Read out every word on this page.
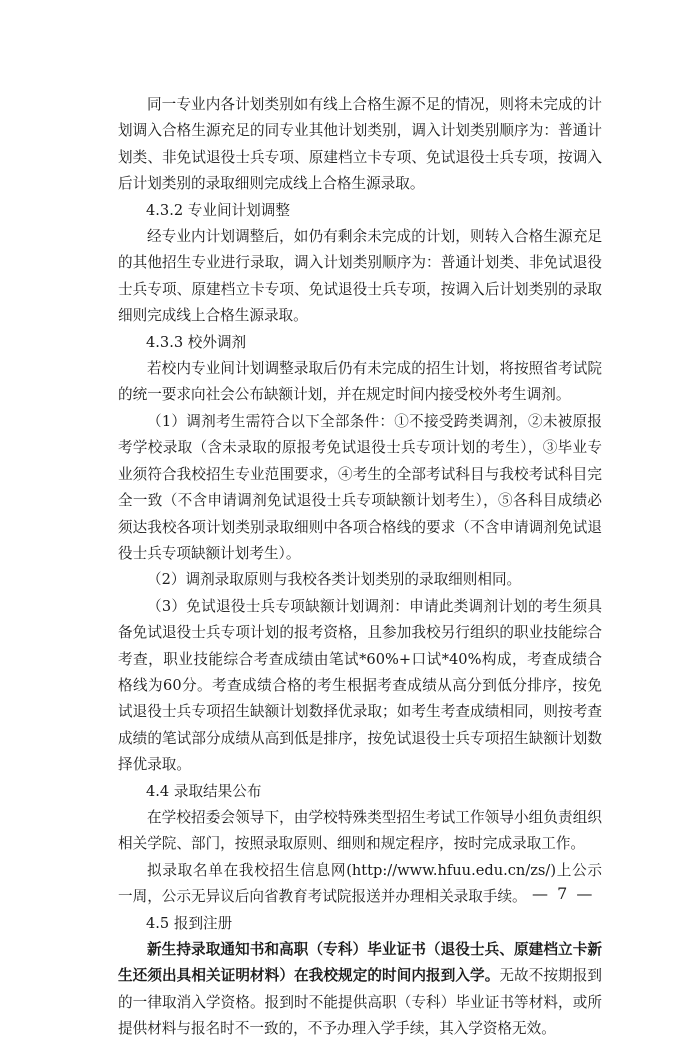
同一专业内各计划类别如有线上合格生源不足的情况，则将未完成的计划调入合格生源充足的同专业其他计划类别，调入计划类别顺序为：普通计划类、非免试退役士兵专项、原建档立卡专项、免试退役士兵专项，按调入后计划类别的录取细则完成线上合格生源录取。

4.3.2 专业间计划调整

经专业内计划调整后，如仍有剩余未完成的计划，则转入合格生源充足的其他招生专业进行录取，调入计划类别顺序为：普通计划类、非免试退役士兵专项、原建档立卡专项、免试退役士兵专项，按调入后计划类别的录取细则完成线上合格生源录取。

4.3.3 校外调剂

若校内专业间计划调整录取后仍有未完成的招生计划，将按照省考试院的统一要求向社会公布缺额计划，并在规定时间内接受校外考生调剂。

（1）调剂考生需符合以下全部条件：①不接受跨类调剂，②未被原报考学校录取（含未录取的原报考免试退役士兵专项计划的考生），③毕业专业须符合我校招生专业范围要求，④考生的全部考试科目与我校考试科目完全一致（不含申请调剂免试退役士兵专项缺额计划考生），⑤各科目成绩必须达我校各项计划类别录取细则中各项合格线的要求（不含申请调剂免试退役士兵专项缺额计划考生）。

（2）调剂录取原则与我校各类计划类别的录取细则相同。

（3）免试退役士兵专项缺额计划调剂：申请此类调剂计划的考生须具备免试退役士兵专项计划的报考资格，且参加我校另行组织的职业技能综合考查，职业技能综合考查成绩由笔试*60%+口试*40%构成，考查成绩合格线为60分。考查成绩合格的考生根据考查成绩从高分到低分排序，按免试退役士兵专项招生缺额计划数择优录取；如考生考查成绩相同，则按考查成绩的笔试部分成绩从高到低是排序，按免试退役士兵专项招生缺额计划数择优录取。

4.4 录取结果公布

在学校招委会领导下，由学校特殊类型招生考试工作领导小组负责组织相关学院、部门，按照录取原则、细则和规定程序，按时完成录取工作。

拟录取名单在我校招生信息网(http://www.hfuu.edu.cn/zs/)上公示一周，公示无异议后向省教育考试院报送并办理相关录取手续。

4.5 报到注册

新生持录取通知书和高职（专科）毕业证书（退役士兵、原建档立卡新生还须出具相关证明材料）在我校规定的时间内报到入学。无故不按期报到的一律取消入学资格。报到时不能提供高职（专科）毕业证书等材料，或所提供材料与报名时不一致的，不予办理入学手续，其入学资格无效。

— 7 —
